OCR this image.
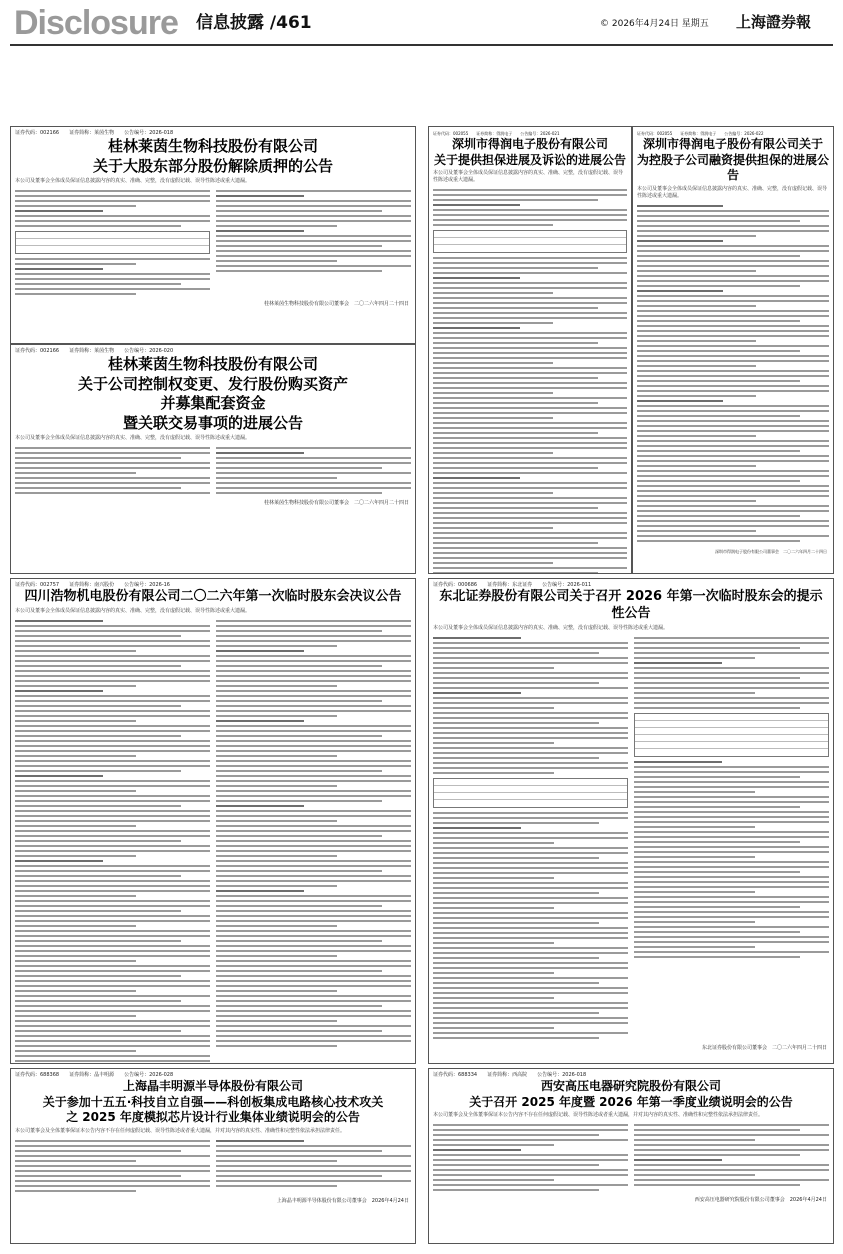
Disclosure 信息披露 /461	© 2026年4月24日 星期五 上海證券報
证券代码：002166　　证券简称：莱茵生物　　公告编号：2026-018
桂林莱茵生物科技股份有限公司
关于大股东部分股份解除质押的公告
本公司及董事会全体成员保证信息披露内容的真实、准确、完整，没有虚假记载、误导性陈述或重大遗漏。
桂林莱茵生物科技股份有限公司董事会　二〇二六年四月二十四日
证券代码：002166　　证券简称：莱茵生物　　公告编号：2026-020
桂林莱茵生物科技股份有限公司
关于公司控制权变更、发行股份购买资产
并募集配套资金
暨关联交易事项的进展公告
本公司及董事会全体成员保证信息披露内容的真实、准确、完整，没有虚假记载、误导性陈述或重大遗漏。
桂林莱茵生物科技股份有限公司董事会　二〇二六年四月二十四日
证券代码：002055　　证券简称：得润电子　　公告编号：2026-021
深圳市得润电子股份有限公司
关于提供担保进展及诉讼的进展公告
本公司及董事会全体成员保证信息披露内容的真实、准确、完整，没有虚假记载、误导性陈述或重大遗漏。
证券代码：002055　　证券简称：得润电子　　公告编号：2026-022
深圳市得润电子股份有限公司关于
为控股子公司融资提供担保的进展公告
本公司及董事会全体成员保证信息披露内容的真实、准确、完整，没有虚假记载、误导性陈述或重大遗漏。
深圳市得润电子股份有限公司董事会　二〇二六年四月二十四日
证券代码：002757　　证券简称：南兴股份　　公告编号：2026-16
四川浩物机电股份有限公司二〇二六年第一次临时股东会决议公告
本公司及董事会全体成员保证信息披露内容的真实、准确、完整，没有虚假记载、误导性陈述或重大遗漏。
证券代码：000686　　证券简称：东北证券　　公告编号：2026-011
东北证券股份有限公司关于召开 2026 年第一次临时股东会的提示性公告
本公司及董事会全体成员保证信息披露内容的真实、准确、完整，没有虚假记载、误导性陈述或重大遗漏。
东北证券股份有限公司董事会　二〇二六年四月二十四日
证券代码：688368　　证券简称：晶丰明源　　公告编号：2026-028
上海晶丰明源半导体股份有限公司
关于参加十五五·科技自立自强——科创板集成电路核心技术攻关
之 2025 年度模拟芯片设计行业集体业绩说明会的公告
本公司董事会及全体董事保证本公告内容不存在任何虚假记载、误导性陈述或者重大遗漏，并对其内容的真实性、准确性和完整性依法承担法律责任。
上海晶丰明源半导体股份有限公司董事会　2026年4月24日
证券代码：688334　　证券简称：西高院　　公告编号：2026-018
西安高压电器研究院股份有限公司
关于召开 2025 年度暨 2026 年第一季度业绩说明会的公告
本公司董事会及全体董事保证本公告内容不存在任何虚假记载、误导性陈述或者重大遗漏，并对其内容的真实性、准确性和完整性依法承担法律责任。
西安高压电器研究院股份有限公司董事会　2026年4月24日
